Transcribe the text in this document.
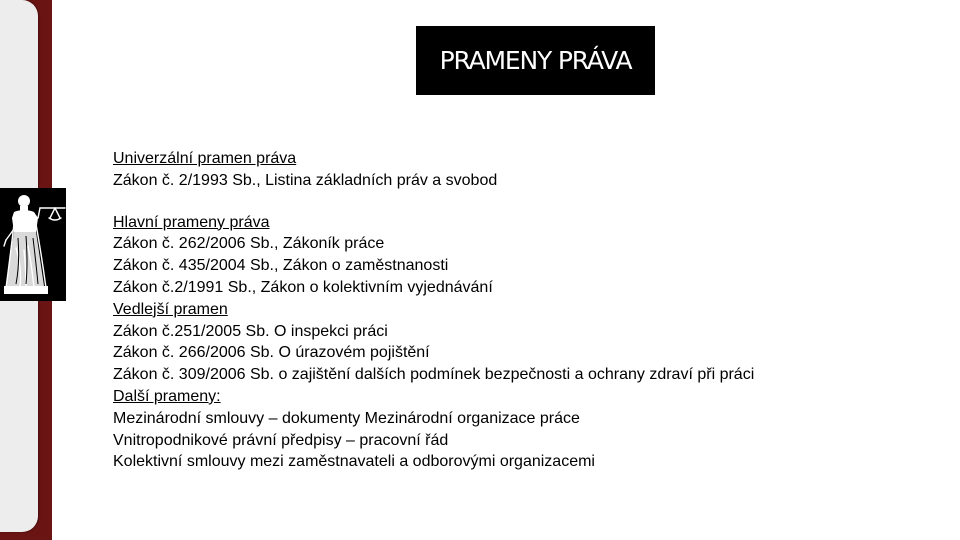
PRAMENY PRÁVA
Univerzální pramen práva
Zákon č. 2/1993 Sb., Listina základních práv a svobod
Hlavní prameny práva
Zákon č. 262/2006 Sb., Zákoník práce
Zákon č. 435/2004 Sb., Zákon o zaměstnanosti
Zákon č.2/1991 Sb., Zákon o kolektivním vyjednávání
Vedlejší pramen
Zákon č.251/2005 Sb. O inspekci práci
Zákon č. 266/2006 Sb. O úrazovém pojištění
Zákon č. 309/2006 Sb. o zajištění dalších podmínek bezpečnosti a ochrany zdraví při práci
Další prameny:
Mezinárodní smlouvy – dokumenty Mezinárodní organizace práce
Vnitropodnikové právní předpisy – pracovní řád
Kolektivní smlouvy mezi zaměstnavateli a odborovými organizacemi
